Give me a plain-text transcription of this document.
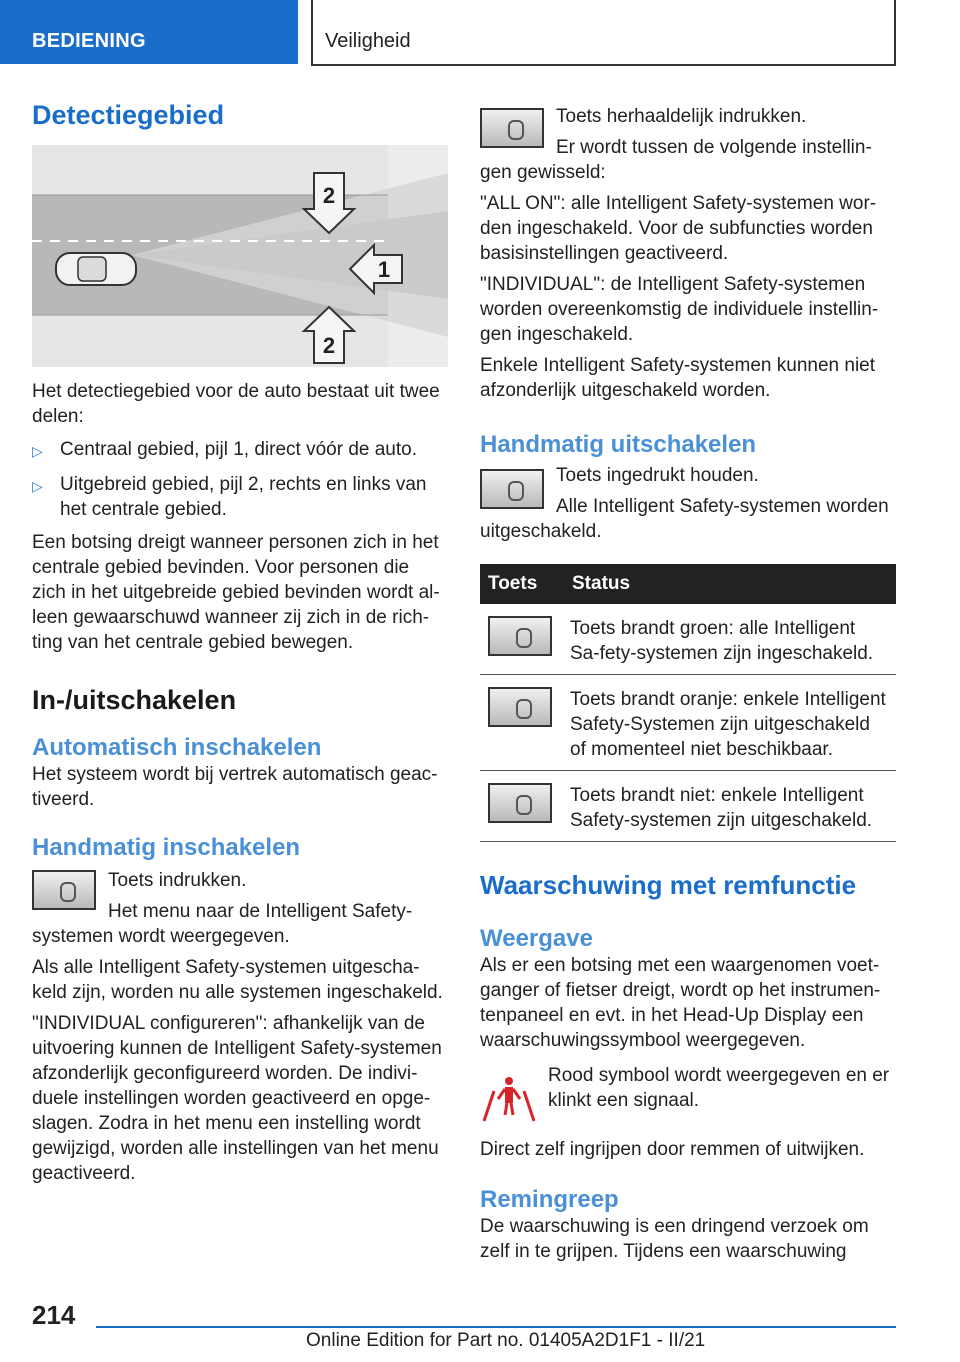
BEDIENING	Veiligheid
Detectiegebied
2
1
2

Het detectiegebied voor de auto bestaat uit twee delen:

▷ Centraal gebied, pijl 1, direct vóór de auto.
▷ Uitgebreid gebied, pijl 2, rechts en links van het centrale gebied.

Een botsing dreigt wanneer personen zich in het centrale gebied bevinden. Voor personen die zich in het uitgebreide gebied bevinden wordt al-leen gewaarschuwd wanneer zij zich in de rich-ting van het centrale gebied bewegen.

In-/uitschakelen
Automatisch inschakelen

Het systeem wordt bij vertrek automatisch geac-tiveerd.

Handmatig inschakelen

Toets indrukken.

Het menu naar de Intelligent Safety-systemen wordt weergegeven.

Als alle Intelligent Safety-systemen uitgescha-keld zijn, worden nu alle systemen ingeschakeld.

"INDIVIDUAL configureren": afhankelijk van de uitvoering kunnen de Intelligent Safety-systemen afzonderlijk geconfigureerd worden. De indivi-duele instellingen worden geactiveerd en opge-slagen. Zodra in het menu een instelling wordt gewijzigd, worden alle instellingen van het menu geactiveerd.

Toets herhaaldelijk indrukken.

Er wordt tussen de volgende instellin-gen gewisseld:

"ALL ON": alle Intelligent Safety-systemen wor-den ingeschakeld. Voor de subfuncties worden basisinstellingen geactiveerd.

"INDIVIDUAL": de Intelligent Safety-systemen worden overeenkomstig de individuele instellin-gen ingeschakeld.

Enkele Intelligent Safety-systemen kunnen niet afzonderlijk uitgeschakeld worden.

Handmatig uitschakelen

Toets ingedrukt houden.

Alle Intelligent Safety-systemen worden uitgeschakeld.

Toets	Status

	Toets brandt groen: alle Intelligent Sa-fety-systemen zijn ingeschakeld.

	Toets brandt oranje: enkele Intelligent Safety-Systemen zijn uitgeschakeld of momenteel niet beschikbaar.

	Toets brandt niet: enkele Intelligent Safety-systemen zijn uitgeschakeld.
Waarschuwing met remfunctie
Weergave

Als er een botsing met een waargenomen voet-ganger of fietser dreigt, wordt op het instrumen-tenpaneel en evt. in het Head-Up Display een waarschuwingssymbool weergegeven.

Rood symbool wordt weergegeven en er klinkt een signaal.

Direct zelf ingrijpen door remmen of uitwijken.

Remingreep

De waarschuwing is een dringend verzoek om zelf in te grijpen. Tijdens een waarschuwing

214
Online Edition for Part no. 01405A2D1F1 - II/21
